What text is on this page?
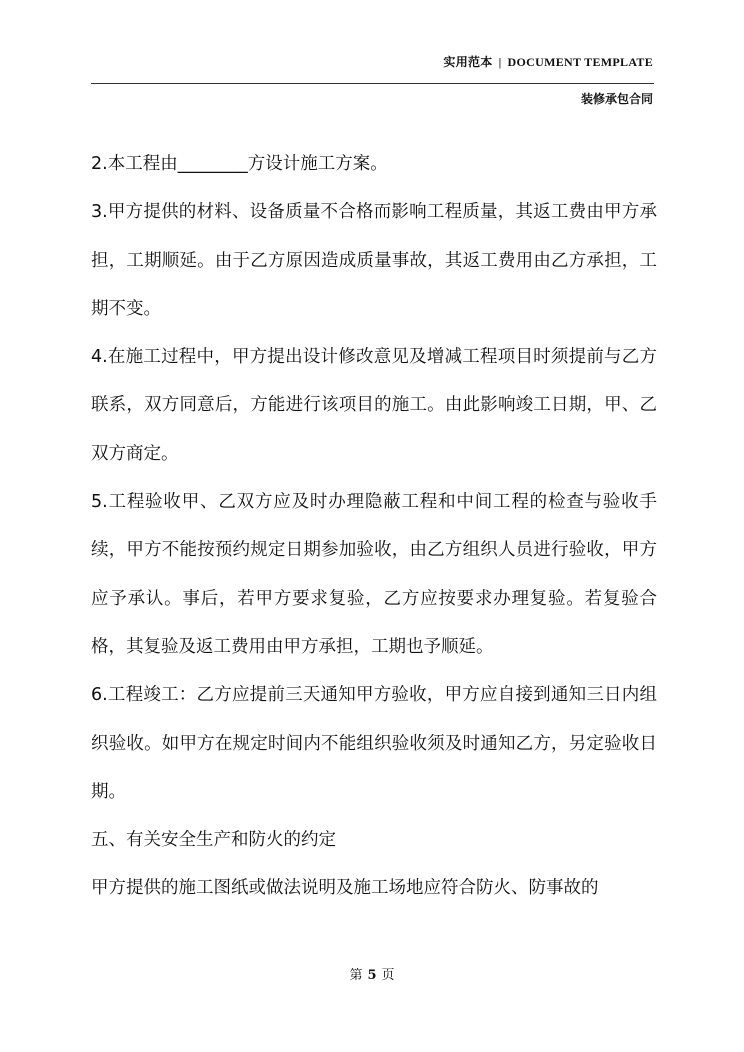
实用范本 | DOCUMENT TEMPLATE
装修承包合同

2.本工程由________方设计施工方案。

3.甲方提供的材料、设备质量不合格而影响工程质量，其返工费由甲方承担，工期顺延。由于乙方原因造成质量事故，其返工费用由乙方承担，工期不变。

4.在施工过程中，甲方提出设计修改意见及增减工程项目时须提前与乙方联系，双方同意后，方能进行该项目的施工。由此影响竣工日期，甲、乙双方商定。

5.工程验收甲、乙双方应及时办理隐蔽工程和中间工程的检查与验收手续，甲方不能按预约规定日期参加验收，由乙方组织人员进行验收，甲方应予承认。事后，若甲方要求复验，乙方应按要求办理复验。若复验合格，其复验及返工费用由甲方承担，工期也予顺延。

6.工程竣工：乙方应提前三天通知甲方验收，甲方应自接到通知三日内组织验收。如甲方在规定时间内不能组织验收须及时通知乙方，另定验收日期。

五、有关安全生产和防火的约定

甲方提供的施工图纸或做法说明及施工场地应符合防火、防事故的

第 5 页
